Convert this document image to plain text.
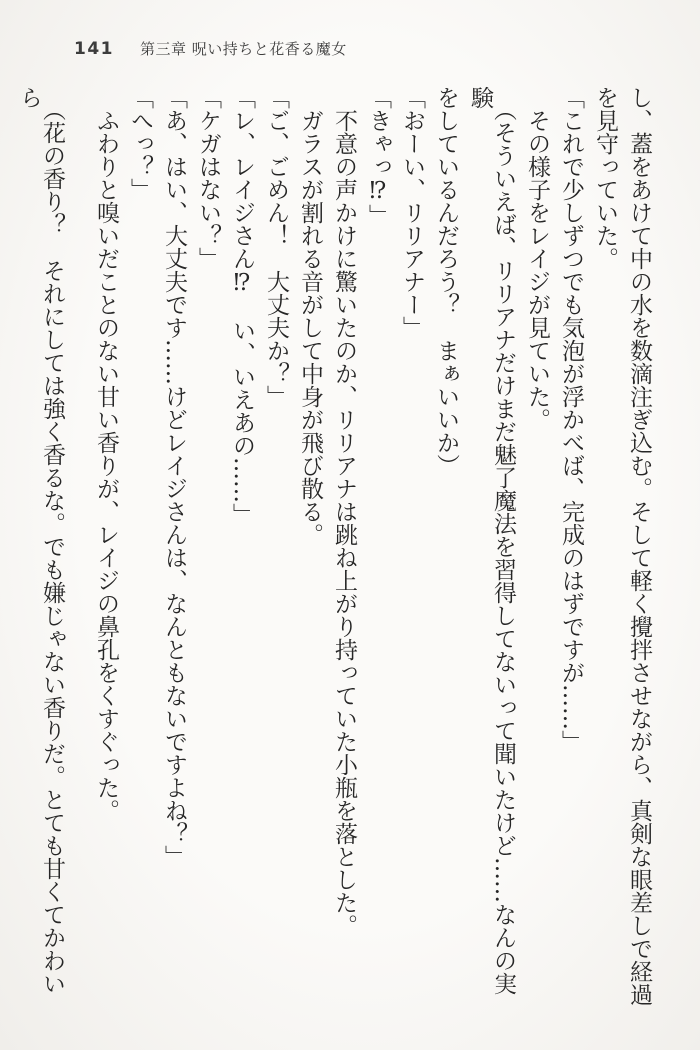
141 第三章 呪い持ちと花香る魔女

し、蓋をあけて中の水を数滴注ぎ込む。そして軽く攪拌させながら、真剣な眼差しで経過

を見守っていた。

「これで少しずつでも気泡が浮かべば、完成のはずですが……」

その様子をレイジが見ていた。

（そういえば、リリアナだけまだ魅了魔法を習得してないって聞いたけど……なんの実験

をしているんだろう？　まぁいいか）

「おーい、リリアナー」

「きゃっ⁉」

不意の声かけに驚いたのか、リリアナは跳ね上がり持っていた小瓶を落とした。

ガラスが割れる音がして中身が飛び散る。

「ご、ごめん！　大丈夫か？」

「レ、レイジさん⁉　い、いえあの……」

「ケガはない？」

「あ、はい、大丈夫です……けどレイジさんは、なんともないですよね？」

「へっ？」

ふわりと嗅いだことのない甘い香りが、レイジの鼻孔をくすぐった。

（花の香り？　それにしては強く香るな。でも嫌じゃない香りだ。とても甘くてかわいら
